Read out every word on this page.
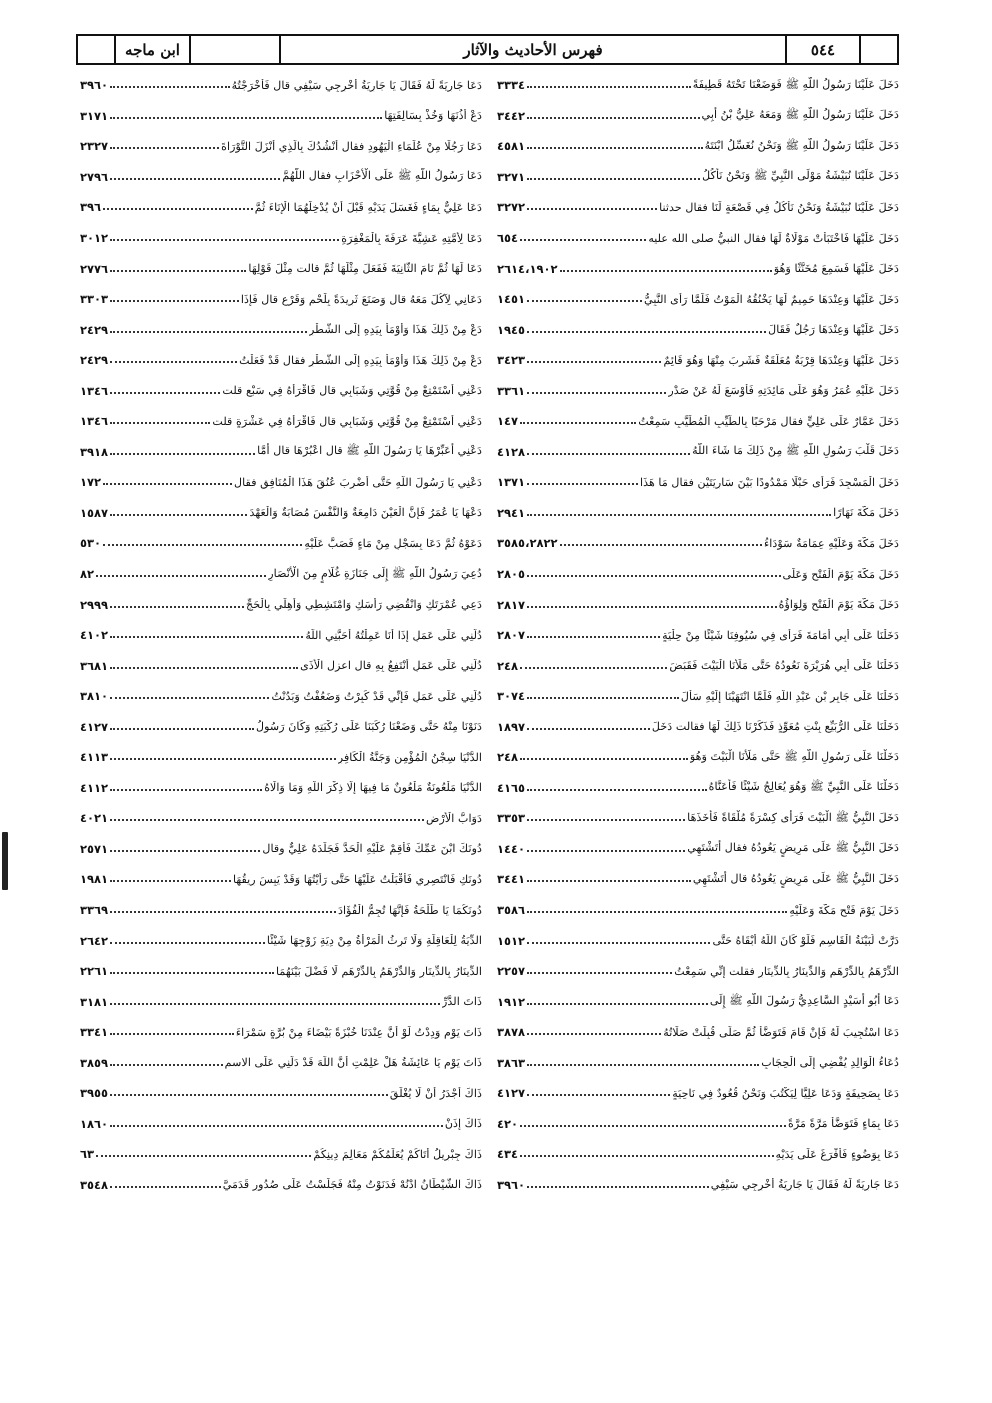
ابن ماجه	فهرس الأحاديث والآثار	٥٤٤
دَخَلَ عَلَيْنَا رَسُولُ اللَّهِ ﷺ فَوَضَعْنَا تَحْتَهُ قَطِيفَةً
٣٣٣٤
دَخَلَ عَلَيْنَا رَسُولُ اللَّهِ ﷺ وَمَعَهُ عَلِيُّ بْنُ أَبِي
٣٤٤٢
دَخَلَ عَلَيْنَا رَسُولُ اللَّهِ ﷺ وَنَحْنُ نُغَسِّلُ ابْنَتَهُ
٤٥٨١
دَخَلَ عَلَيْنَا نُبَيْشَةُ مَوْلَى النَّبِيِّ ﷺ وَنَحْنُ نَأْكُلُ
٣٢٧١
دَخَلَ عَلَيْنَا نُبَيْشَةُ وَنَحْنُ نَأْكُلُ فِي قَصْعَةٍ لَنَا فقال حدثنا
٣٢٧٢
دَخَلَ عَلَيْهَا فَاخْتَبَأَتْ مَوْلَاةٌ لَهَا فقال النبيُّ صلى الله عليه
٦٥٤
دَخَلَ عَلَيْهَا فَسَمِعَ مُخَنَّثًا وَهُوَ
٢٦١٤،١٩٠٢
دَخَلَ عَلَيْهَا وَعِنْدَهَا حَمِيمٌ لَهَا يَخْنُقُهُ الْمَوْتُ فَلَمَّا رَأَى النَّبِيُّ
١٤٥١
دَخَلَ عَلَيْهَا وَعِنْدَهَا رَجُلٌ فَقَالَ
١٩٤٥
دَخَلَ عَلَيْهَا وَعِنْدَهَا قِرْبَةٌ مُعَلَّقَةٌ فَشَرِبَ مِنْهَا وَهُوَ قَائِمٌ
٣٤٢٣
دَخَلَ عَلَيْهِ عُمَرُ وَهُوَ عَلَى مَائِدَتِهِ فَأَوْسَعَ لَهُ عَنْ صَدْرِ
٣٣٦١
دَخَلَ عَمَّارٌ عَلَى عَلِيٍّ فقال مَرْحَبًا بِالطَّيِّبِ الْمُطَيَّبِ سَمِعْتُ
١٤٧
دَخَلَ قَلْبَ رَسُولِ اللَّهِ ﷺ مِنْ ذَلِكَ مَا شَاءَ اللَّهُ
٤١٢٨
دَخَلَ الْمَسْجِدَ فَرَأَى حَبْلًا مَمْدُودًا بَيْنَ سَارِيَتَيْنِ فقال مَا هَذَا
١٣٧١
دَخَلَ مَكَّةَ نَهَارًا
٢٩٤١
دَخَلَ مَكَّةَ وَعَلَيْهِ عِمَامَةٌ سَوْدَاءُ
٣٥٨٥،٢٨٢٢
دَخَلَ مَكَّةَ يَوْمَ الْفَتْحِ وَعَلَى
٢٨٠٥
دَخَلَ مَكَّةَ يَوْمَ الْفَتْحِ وَلِوَاؤُهُ
٢٨١٧
دَخَلْنَا عَلَى أَبِي أُمَامَةَ فَرَأَى فِي سُيُوفِنَا شَيْئًا مِنْ حِلْيَةٍ
٢٨٠٧
دَخَلْنَا عَلَى أَبِي هُرَيْرَةَ نَعُودُهُ حَتَّى مَلَأْنَا الْبَيْتَ فَقَبَضَ
٢٤٨
دَخَلْنَا عَلَى جَابِرِ بْنِ عَبْدِ اللَّهِ فَلَمَّا انْتَهَيْنَا إِلَيْهِ سَأَلَ
٣٠٧٤
دَخَلْنَا عَلَى الرُّبَيِّعِ بِنْتِ مُعَوِّذٍ فَذَكَرْنَا ذَلِكَ لَهَا فقالت دَخَلَ
١٨٩٧
دَخَلْنَا عَلَى رَسُولِ اللَّهِ ﷺ حَتَّى مَلَأْنَا الْبَيْتَ وَهُوَ
٢٤٨
دَخَلْنَا عَلَى النَّبِيِّ ﷺ وَهُوَ يُعَالِجُ شَيْئًا فَأَعَنَّاهُ
٤١٦٥
دَخَلَ النَّبِيُّ ﷺ الْبَيْتَ فَرَأَى كِسْرَةً مُلْقَاةً فَأَخَذَهَا
٣٣٥٣
دَخَلَ النَّبِيُّ ﷺ عَلَى مَرِيضٍ يَعُودُهُ فقال أَتَشْتَهِي
١٤٤٠
دَخَلَ النَّبِيُّ ﷺ عَلَى مَرِيضٍ يَعُودُهُ قال أَتَشْتَهِي
٣٤٤١
دَخَلَ يَوْمَ فَتْحِ مَكَّةَ وَعَلَيْهِ
٣٥٨٦
دَرَّتْ لُبَيْنَةُ الْقَاسِمِ فَلَوْ كَانَ اللَّهُ أَبْقَاهُ حَتَّى
١٥١٢
الدِّرْهَمُ بِالدِّرْهَمِ وَالدِّينَارُ بِالدِّينَارِ فقلت إِنِّي سَمِعْتُ
٢٢٥٧
دَعَا أَبُو أُسَيْدٍ السَّاعِدِيُّ رَسُولَ اللَّهِ ﷺ إِلَى
١٩١٢
دَعَا اسْتُجِيبَ لَهُ فَإِنْ قَامَ فَتَوَضَّأَ ثُمَّ صَلَّى قُبِلَتْ صَلَاتُهُ
٣٨٧٨
دُعَاءُ الْوَالِدِ يُفْضِي إِلَى الْحِجَابِ
٣٨٦٣
دَعَا بِصَحِيفَةٍ وَدَعَا عَلِيًّا لِيَكْتُبَ وَنَحْنُ قُعُودٌ فِي نَاحِيَةٍ
٤١٢٧
دَعَا بِمَاءٍ فَتَوَضَّأَ مَرَّةً مَرَّةً
٤٢٠
دَعَا بِوَضُوءٍ فَأَفْرَغَ عَلَى يَدَيْهِ
٤٣٤
دَعَا جَارِيَةً لَهُ فَقَالَ يَا جَارِيَةُ أَخْرِجِي سَيْفِي
٣٩٦٠
دَعَا جَارِيَةً لَهُ فَقَالَ يَا جَارِيَةُ أَخْرِجِي سَيْفِي قال فَأَخْرَجْتُهُ
٣٩٦٠
دَعْ أُذُنَهَا وَخُذْ بِسَالِفَتِهَا
٣١٧١
دَعَا رَجُلًا مِنْ عُلَمَاءِ الْيَهُودِ فقال أَنْشُدُكَ بِالَّذِي أَنْزَلَ التَّوْرَاةَ
٢٣٢٧
دَعَا رَسُولُ اللَّهِ ﷺ عَلَى الْأَحْزَابِ فقال اللَّهُمَّ
٢٧٩٦
دَعَا عَلِيٌّ بِمَاءٍ فَغَسَلَ يَدَيْهِ قَبْلَ أَنْ يُدْخِلَهُمَا الْإِنَاءَ ثُمَّ
٣٩٦
دَعَا لِأُمَّتِهِ عَشِيَّةَ عَرَفَةَ بِالْمَغْفِرَةِ
٣٠١٢
دَعَا لَهَا ثُمَّ نَامَ الثَّانِيَةَ فَفَعَلَ مِثْلَهَا ثُمَّ قالت مِثْلَ قَوْلِهَا
٢٧٧٦
دَعَانِي لِآكُلَ مَعَهُ قال وَصَنَعَ ثَرِيدَةً بِلَحْمٍ وَقَرْعٍ قال فَإِذَا
٣٣٠٣
دَعْ مِنْ ذَلِكَ هَذَا وَأَوْمَأَ بِيَدِهِ إِلَى الشَّطْرِ
٢٤٢٩
دَعْ مِنْ ذَلِكَ هَذَا وَأَوْمَأَ بِيَدِهِ إِلَى الشَّطْرِ فقال قَدْ فَعَلْتُ
٢٤٢٩
دَعْنِي أَسْتَمْتِعْ مِنْ قُوَّتِي وَشَبَابِي قال فَاقْرَأْهُ فِي سَبْعٍ قلت
١٣٤٦
دَعْنِي أَسْتَمْتِعْ مِنْ قُوَّتِي وَشَبَابِي قال فَاقْرَأْهُ فِي عَشْرَةٍ قلت
١٣٤٦
دَعْنِي أُعَبِّرْهَا يَا رَسُولَ اللَّهِ ﷺ قال اعْبُرْهَا قال أَمَّا
٣٩١٨
دَعْنِي يَا رَسُولَ اللَّهِ حَتَّى أَضْرِبَ عُنُقَ هَذَا الْمُنَافِقِ فقال
١٧٢
دَعْهَا يَا عُمَرُ فَإِنَّ الْعَيْنَ دَامِعَةٌ وَالنَّفْسَ مُصَابَةٌ وَالْعَهْدَ
١٥٨٧
دَعَوْهُ ثُمَّ دَعَا بِسَجْلٍ مِنْ مَاءٍ فَصَبَّ عَلَيْهِ
٥٣٠
دُعِيَ رَسُولُ اللَّهِ ﷺ إِلَى جَنَازَةِ غُلَامٍ مِنَ الْأَنْصَارِ
٨٢
دَعِي عُمْرَتَكِ وَانْقُضِي رَأْسَكِ وَامْتَشِطِي وَأَهِلِّي بِالْحَجِّ
٢٩٩٩
دُلَّنِي عَلَى عَمَلٍ إِذَا أَنَا عَمِلْتُهُ أَحَبَّنِي اللَّهُ
٤١٠٢
دُلَّنِي عَلَى عَمَلٍ أَنْتَفِعُ بِهِ قال اعزل الْأَذَى
٣٦٨١
دُلَّنِي عَلَى عَمَلٍ فَإِنِّي قَدْ كَبِرْتُ وَضَعُفْتُ وَبَدُنْتُ
٣٨١٠
دَنَوْنَا مِنْهُ حَتَّى وَضَعْنَا رُكَبَنَا عَلَى رُكْبَتِهِ وَكَانَ رَسُولُ
٤١٢٧
الدُّنْيَا سِجْنُ الْمُؤْمِنِ وَجَنَّةُ الْكَافِرِ
٤١١٣
الدُّنْيَا مَلْعُونَةٌ مَلْعُونٌ مَا فِيهَا إِلَّا ذِكْرَ اللَّهِ وَمَا وَالَاهُ
٤١١٢
دَوَابُّ الْأَرْضِ
٤٠٢١
دُونَكَ ابْنَ عَمِّكَ فَأَقِمْ عَلَيْهِ الْحَدَّ فَجَلَدَهُ عَلِيٌّ وقال
٢٥٧١
دُونَكِ فَانْتَصِرِي فَأَقْبَلْتُ عَلَيْهَا حَتَّى رَأَيْتُهَا وَقَدْ يَبِسَ رِيقُهَا
١٩٨١
دُونَكُمَا يَا طَلْحَةُ فَإِنَّهَا تُجِمُّ الْفُؤَادَ
٣٣٦٩
الدِّيَةُ لِلْعَاقِلَةِ وَلَا تَرِثُ الْمَرْأَةُ مِنْ دِيَةِ زَوْجِهَا شَيْئًا
٢٦٤٢
الدِّينَارُ بِالدِّينَارِ وَالدِّرْهَمُ بِالدِّرْهَمِ لَا فَضْلَ بَيْنَهُمَا
٢٢٦١
ذَاتَ الدَّرِّ
٣١٨١
ذَاتَ يَوْمٍ وَدِدْتُ لَوْ أَنَّ عِنْدَنَا خُبْزَةً بَيْضَاءَ مِنْ بُرَّةٍ سَمْرَاءَ
٣٣٤١
ذَاتَ يَوْمٍ يَا عَائِشَةُ هَلْ عَلِمْتِ أَنَّ اللَّهَ قَدْ دَلَّنِي عَلَى الاسم
٣٨٥٩
ذَاكَ أَجْدَرُ أَنْ لَا يُغْلَقَ
٣٩٥٥
ذَاكَ إِذَنْ
١٨٦٠
ذَاكَ جِبْرِيلُ أَتَاكُمْ يُعَلِّمُكُمْ مَعَالِمَ دِينِكُمْ
٦٣
ذَاكَ الشَّيْطَانُ ادْنُهْ فَدَنَوْتُ مِنْهُ فَجَلَسْتُ عَلَى صُدُورِ قَدَمَيَّ
٣٥٤٨
